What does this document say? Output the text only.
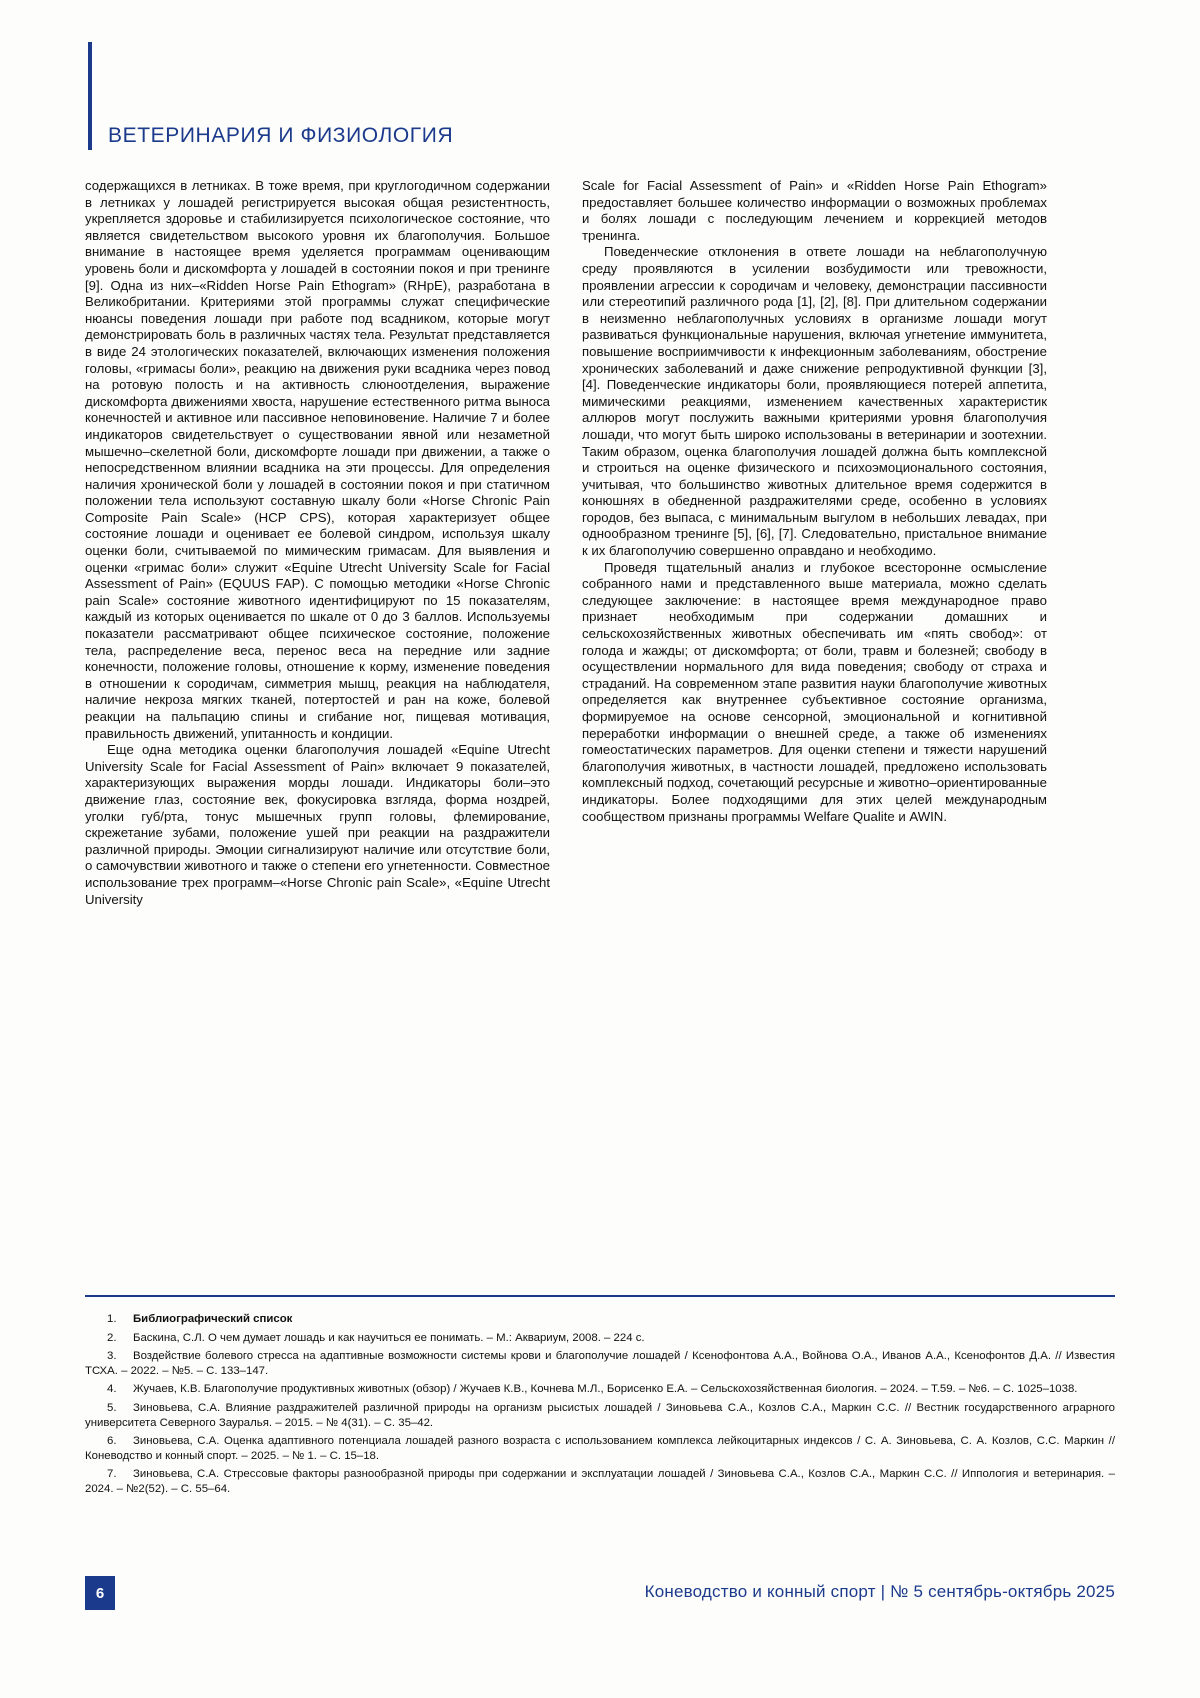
ВЕТЕРИНАРИЯ И ФИЗИОЛОГИЯ

содержащихся в летниках. В тоже время, при круглогодичном содержании в летниках у лошадей регистрируется высокая общая резистентность, укрепляется здоровье и стабилизируется психологическое состояние, что является свидетельством высокого уровня их благополучия. Большое внимание в настоящее время уделяется программам оценивающим уровень боли и дискомфорта у лошадей в состоянии покоя и при тренинге [9]. Одна из них–«Ridden Horse Pain Ethogram» (RHpE), разработана в Великобритании. Критериями этой программы служат специфические нюансы поведения лошади при работе под всадником, которые могут демонстрировать боль в различных частях тела. Результат представляется в виде 24 этологических показателей, включающих изменения положения головы, «гримасы боли», реакцию на движения руки всадника через повод на ротовую полость и на активность слюноотделения, выражение дискомфорта движениями хвоста, нарушение естественного ритма выноса конечностей и активное или пассивное неповиновение. Наличие 7 и более индикаторов свидетельствует о существовании явной или незаметной мышечно–скелетной боли, дискомфорте лошади при движении, а также о непосредственном влиянии всадника на эти процессы. Для определения наличия хронической боли у лошадей в состоянии покоя и при статичном положении тела используют составную шкалу боли «Horse Chronic Pain Composite Pain Scale» (HCP CPS), которая характеризует общее состояние лошади и оценивает ее болевой синдром, используя шкалу оценки боли, считываемой по мимическим гримасам. Для выявления и оценки «гримас боли» служит «Equine Utrecht University Scale for Facial Assessment of Pain» (EQUUS FAP). С помощью методики «Horse Chronic pain Scale» состояние животного идентифицируют по 15 показателям, каждый из которых оценивается по шкале от 0 до 3 баллов. Используемы показатели рассматривают общее психическое состояние, положение тела, распределение веса, перенос веса на передние или задние конечности, положение головы, отношение к корму, изменение поведения в отношении к сородичам, симметрия мышц, реакция на наблюдателя, наличие некроза мягких тканей, потертостей и ран на коже, болевой реакции на пальпацию спины и сгибание ног, пищевая мотивация, правильность движений, упитанность и кондиции.

Еще одна методика оценки благополучия лошадей «Equine Utrecht University Scale for Facial Assessment of Pain» включает 9 показателей, характеризующих выражения морды лошади. Индикаторы боли–это движение глаз, состояние век, фокусировка взгляда, форма ноздрей, уголки губ/рта, тонус мышечных групп головы, флемирование, скрежетание зубами, положение ушей при реакции на раздражители различной природы. Эмоции сигнализируют наличие или отсутствие боли, о самочувствии животного и также о степени его угнетенности. Совместное использование трех программ–«Horse Chronic pain Scale», «Equine Utrecht University

Scale for Facial Assessment of Pain» и «Ridden Horse Pain Ethogram» предоставляет большее количество информации о возможных проблемах и болях лошади с последующим лечением и коррекцией методов тренинга.

Поведенческие отклонения в ответе лошади на неблагополучную среду проявляются в усилении возбудимости или тревожности, проявлении агрессии к сородичам и человеку, демонстрации пассивности или стереотипий различного рода [1], [2], [8]. При длительном содержании в неизменно неблагополучных условиях в организме лошади могут развиваться функциональные нарушения, включая угнетение иммунитета, повышение восприимчивости к инфекционным заболеваниям, обострение хронических заболеваний и даже снижение репродуктивной функции [3], [4]. Поведенческие индикаторы боли, проявляющиеся потерей аппетита, мимическими реакциями, изменением качественных характеристик аллюров могут послужить важными критериями уровня благополучия лошади, что могут быть широко использованы в ветеринарии и зоотехнии. Таким образом, оценка благополучия лошадей должна быть комплексной и строиться на оценке физического и психоэмоционального состояния, учитывая, что большинство животных длительное время содержится в конюшнях в обедненной раздражителями среде, особенно в условиях городов, без выпаса, с минимальным выгулом в небольших левадах, при однообразном тренинге [5], [6], [7]. Следовательно, пристальное внимание к их благополучию совершенно оправдано и необходимо.

Проведя тщательный анализ и глубокое всесторонне осмысление собранного нами и представленного выше материала, можно сделать следующее заключение: в настоящее время международное право признает необходимым при содержании домашних и сельскохозяйственных животных обеспечивать им «пять свобод»: от голода и жажды; от дискомфорта; от боли, травм и болезней; свободу в осуществлении нормального для вида поведения; свободу от страха и страданий. На современном этапе развития науки благополучие животных определяется как внутреннее субъективное состояние организма, формируемое на основе сенсорной, эмоциональной и когнитивной переработки информации о внешней среде, а также об изменениях гомеостатических параметров. Для оценки степени и тяжести нарушений благополучия животных, в частности лошадей, предложено использовать комплексный подход, сочетающий ресурсные и животно–ориентированные индикаторы. Более подходящими для этих целей международным сообществом признаны программы Welfare Qualite и AWIN.

1. Библиографический список

2. Баскина, С.Л. О чем думает лошадь и как научиться ее понимать. – М.: Аквариум, 2008. – 224 с.

3. Воздействие болевого стресса на адаптивные возможности системы крови и благополучие лошадей / Ксенофонтова А.А., Войнова О.А., Иванов А.А., Ксенофонтов Д.А. // Известия ТСХА. – 2022. – №5. – С. 133–147.

4. Жучаев, К.В. Благополучие продуктивных животных (обзор) / Жучаев К.В., Кочнева М.Л., Борисенко Е.А. – Сельскохозяйственная биология. – 2024. – Т.59. – №6. – С. 1025–1038.

5. Зиновьева, С.А. Влияние раздражителей различной природы на организм рысистых лошадей / Зиновьева С.А., Козлов С.А., Маркин С.С. // Вестник государственного аграрного университета Северного Зауралья. – 2015. – № 4(31). – С. 35–42.

6. Зиновьева, С.А. Оценка адаптивного потенциала лошадей разного возраста с использованием комплекса лейкоцитарных индексов / С. А. Зиновьева, С. А. Козлов, С.С. Маркин // Коневодство и конный спорт. – 2025. – № 1. – С. 15–18.

7. Зиновьева, С.А. Стрессовые факторы разнообразной природы при содержании и эксплуатации лошадей / Зиновьева С.А., Козлов С.А., Маркин С.С. // Иппология и ветеринария. – 2024. – №2(52). – С. 55–64.

6	Коневодство и конный спорт | № 5 сентябрь-октябрь 2025
